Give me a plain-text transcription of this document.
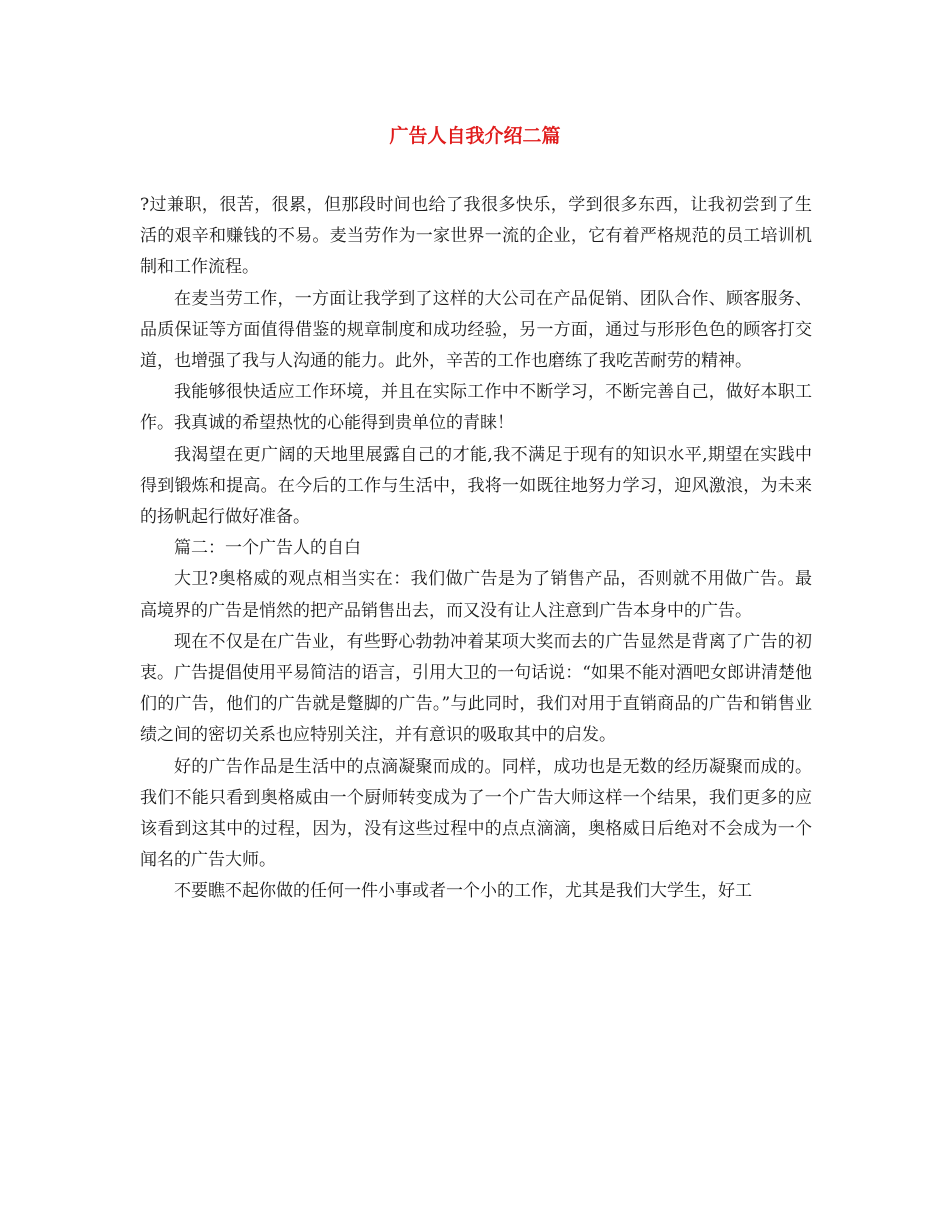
广告人自我介绍二篇

?过兼职，很苦，很累，但那段时间也给了我很多快乐，学到很多东西，让我初尝到了生活的艰辛和赚钱的不易。麦当劳作为一家世界一流的企业，它有着严格规范的员工培训机制和工作流程。

在麦当劳工作，一方面让我学到了这样的大公司在产品促销、团队合作、顾客服务、品质保证等方面值得借鉴的规章制度和成功经验，另一方面，通过与形形色色的顾客打交道，也增强了我与人沟通的能力。此外，辛苦的工作也磨练了我吃苦耐劳的精神。

我能够很快适应工作环境，并且在实际工作中不断学习，不断完善自己，做好本职工作。我真诚的希望热忱的心能得到贵单位的青睐！

我渴望在更广阔的天地里展露自己的才能,我不满足于现有的知识水平,期望在实践中得到锻炼和提高。在今后的工作与生活中，我将一如既往地努力学习，迎风激浪，为未来的扬帆起行做好准备。

篇二：一个广告人的自白

大卫?奥格威的观点相当实在：我们做广告是为了销售产品，否则就不用做广告。最高境界的广告是悄然的把产品销售出去，而又没有让人注意到广告本身中的广告。

现在不仅是在广告业，有些野心勃勃冲着某项大奖而去的广告显然是背离了广告的初衷。广告提倡使用平易简洁的语言，引用大卫的一句话说：“如果不能对酒吧女郎讲清楚他们的广告，他们的广告就是蹩脚的广告。”与此同时，我们对用于直销商品的广告和销售业绩之间的密切关系也应特别关注，并有意识的吸取其中的启发。

好的广告作品是生活中的点滴凝聚而成的。同样，成功也是无数的经历凝聚而成的。我们不能只看到奥格威由一个厨师转变成为了一个广告大师这样一个结果，我们更多的应该看到这其中的过程，因为，没有这些过程中的点点滴滴，奥格威日后绝对不会成为一个闻名的广告大师。

不要瞧不起你做的任何一件小事或者一个小的工作，尤其是我们大学生，好工
